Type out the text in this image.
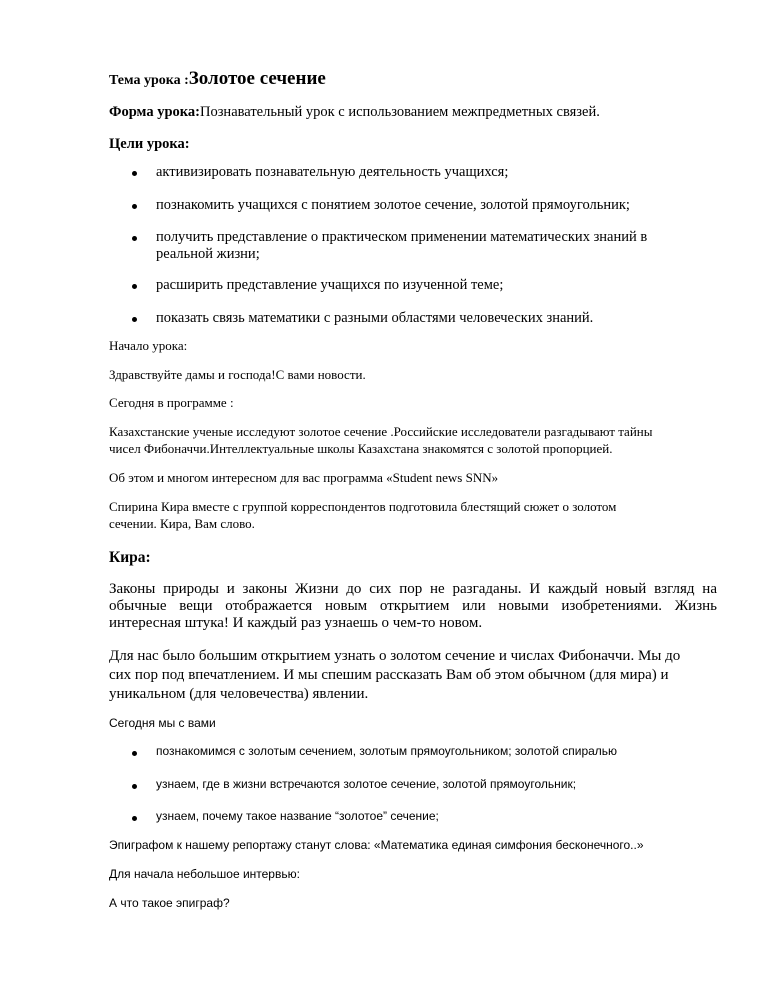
Тема урока :Золотое сечение
Форма урока:Познавательный урок с использованием межпредметных связей.
Цели урока:
активизировать познавательную деятельность учащихся;
познакомить учащихся с понятием золотое сечение, золотой прямоугольник;
получить представление о практическом применении математических знаний в
реальной жизни;
расширить представление учащихся по изученной теме;
показать связь математики с разными областями человеческих знаний.
Начало урока:
Здравствуйте дамы и господа!С вами новости.
Сегодня в программе :
Казахстанские ученые исследуют золотое сечение .Российские исследователи разгадывают тайны
чисел Фибоначчи.Интеллектуальные школы Казахстана знакомятся с золотой пропорцией.
Об этом и многом интересном для вас программа «Student news SNN»
Спирина Кира вместе с группой корреспондентов подготовила блестящий сюжет о золотом
сечении. Кира, Вам слово.
Кира:
Законы природы и законы Жизни до сих пор не разгаданы. И каждый новый взгляд на
обычные вещи отображается новым открытием или новыми изобретениями. Жизнь
интересная штука! И каждый раз узнаешь о чем-то новом.
Для нас было большим открытием узнать о золотом сечение и числах Фибоначчи. Мы до
сих пор под впечатлением. И мы спешим рассказать Вам об этом обычном (для мира) и
уникальном (для человечества) явлении.
Сегодня мы с вами
познакомимся с золотым сечением, золотым прямоугольником; золотой спиралью
узнаем, где в жизни встречаются золотое сечение, золотой прямоугольник;
узнаем, почему такое название “золотое” сечение;
Эпиграфом к нашему репортажу станут слова: «Математика единая симфония бесконечного..»
Для начала небольшое интервью:
А что такое эпиграф?
